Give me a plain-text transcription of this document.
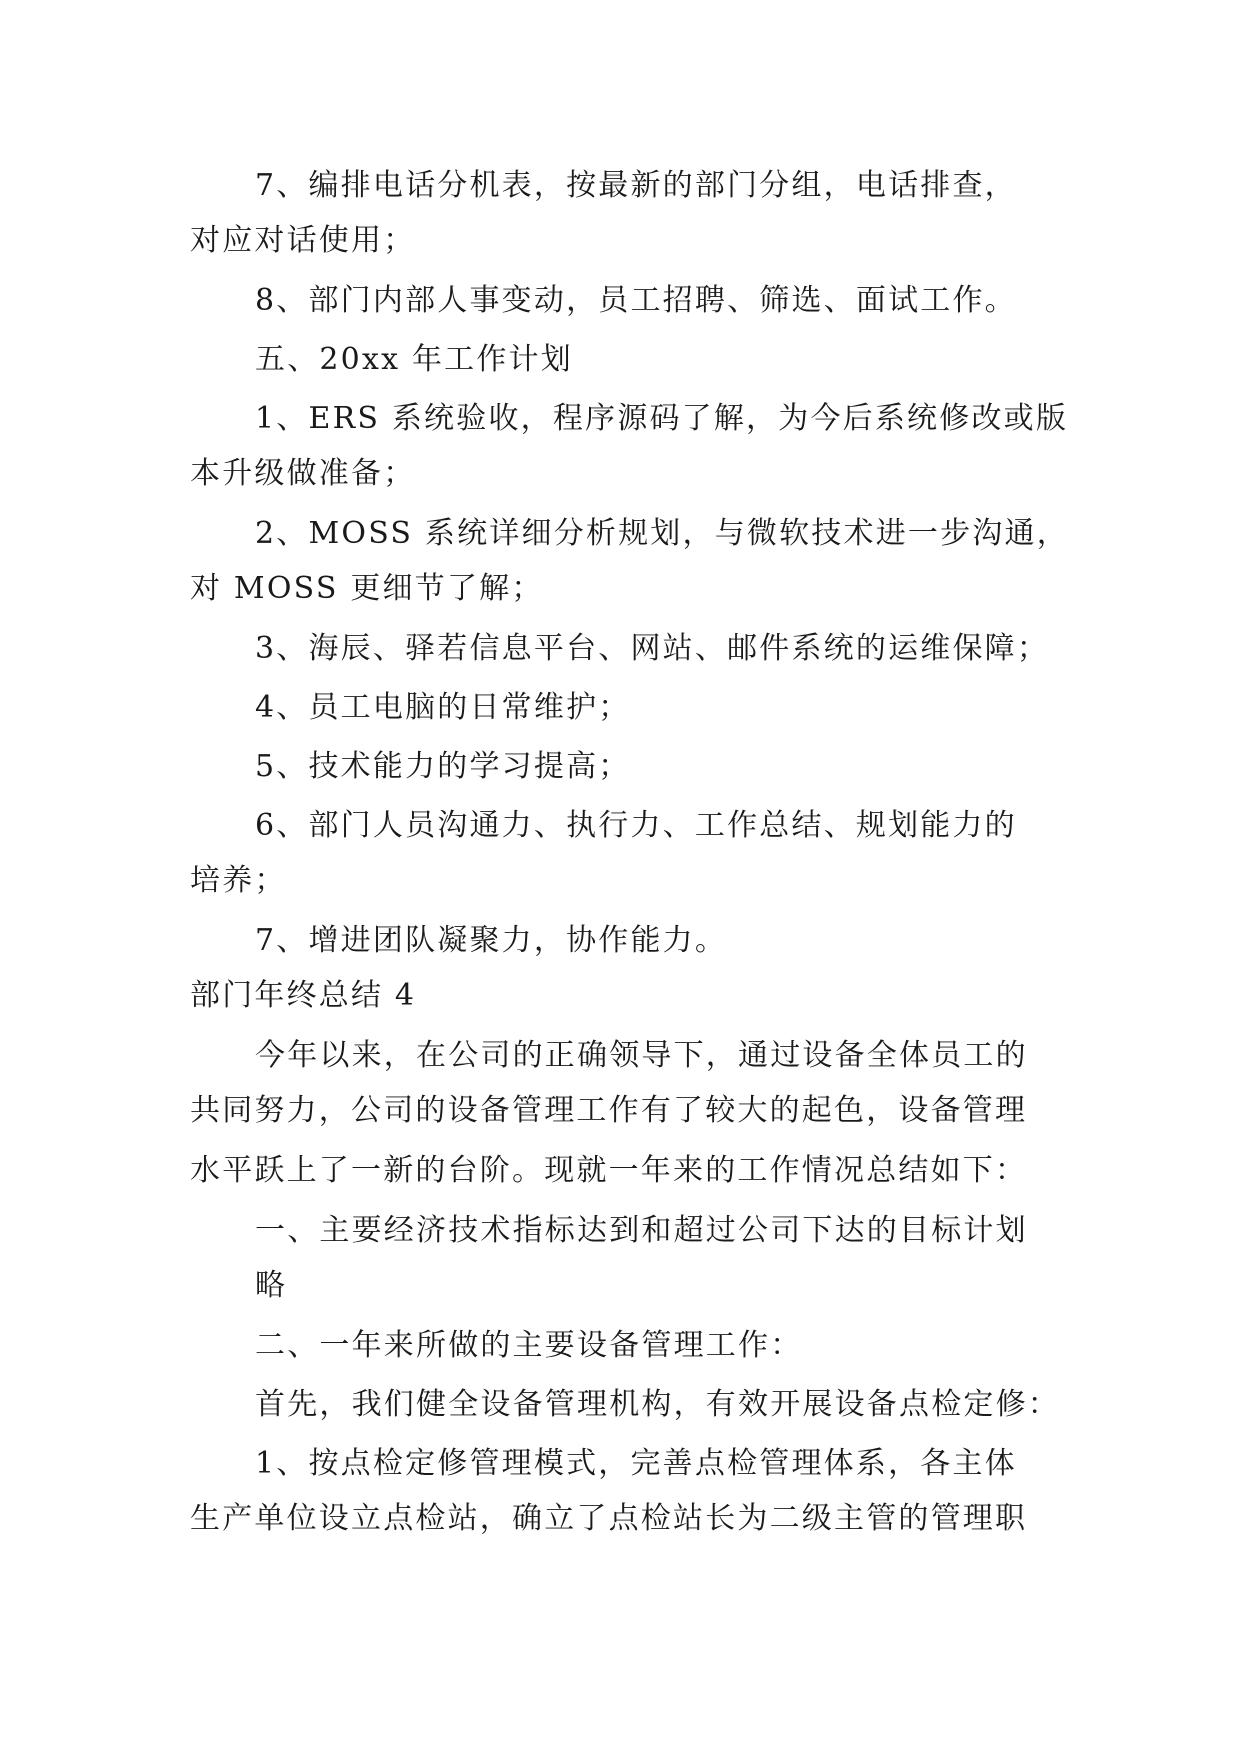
7、编排电话分机表，按最新的部门分组，电话排查，
对应对话使用；
8、部门内部人事变动，员工招聘、筛选、面试工作。
五、20xx 年工作计划
1、ERS 系统验收，程序源码了解，为今后系统修改或版
本升级做准备；
2、MOSS 系统详细分析规划，与微软技术进一步沟通，
对 MOSS 更细节了解；
3、海辰、驿若信息平台、网站、邮件系统的运维保障；
4、员工电脑的日常维护；
5、技术能力的学习提高；
6、部门人员沟通力、执行力、工作总结、规划能力的
培养；
7、增进团队凝聚力，协作能力。
部门年终总结 4
今年以来，在公司的正确领导下，通过设备全体员工的
共同努力，公司的设备管理工作有了较大的起色，设备管理
水平跃上了一新的台阶。现就一年来的工作情况总结如下：
一、主要经济技术指标达到和超过公司下达的目标计划
略
二、一年来所做的主要设备管理工作：
首先，我们健全设备管理机构，有效开展设备点检定修：
1、按点检定修管理模式，完善点检管理体系，各主体
生产单位设立点检站，确立了点检站长为二级主管的管理职
